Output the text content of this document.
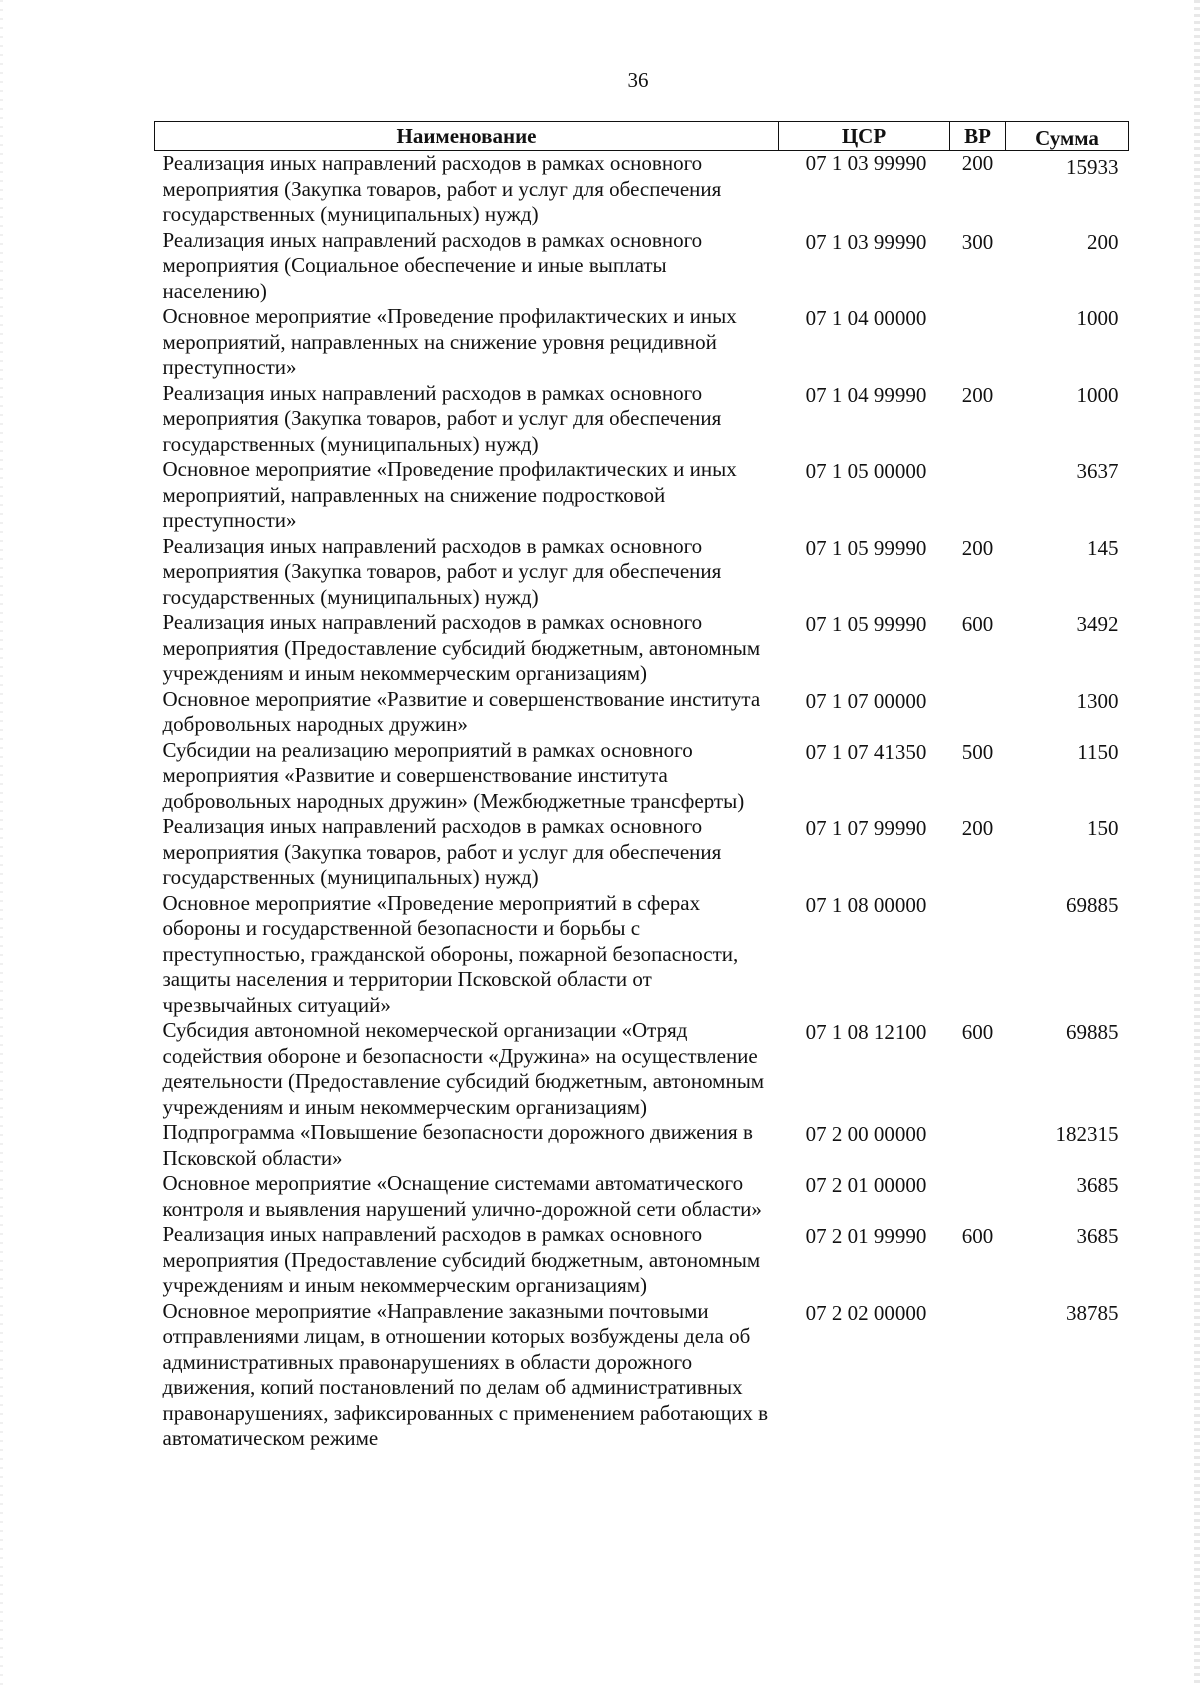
36
Наименование	ЦСР	ВР	Сумма
Реализация иных направлений расходов в рамках основного мероприятия (Закупка товаров, работ и услуг для обеспечения государственных (муниципальных) нужд)	07 1 03 99990	200	15933
Реализация иных направлений расходов в рамках основного мероприятия (Социальное обеспечение и иные выплаты населению)	07 1 03 99990	300	200
Основное мероприятие «Проведение профилактических и иных мероприятий, направленных на снижение уровня рецидивной преступности»	07 1 04 00000		1000
Реализация иных направлений расходов в рамках основного мероприятия (Закупка товаров, работ и услуг для обеспечения государственных (муниципальных) нужд)	07 1 04 99990	200	1000
Основное мероприятие «Проведение профилактических и иных мероприятий, направленных на снижение подростковой преступности»	07 1 05 00000		3637
Реализация иных направлений расходов в рамках основного мероприятия (Закупка товаров, работ и услуг для обеспечения государственных (муниципальных) нужд)	07 1 05 99990	200	145
Реализация иных направлений расходов в рамках основного мероприятия (Предоставление субсидий бюджетным, автономным учреждениям и иным некоммерческим организациям)	07 1 05 99990	600	3492
Основное мероприятие «Развитие и совершенствование института добровольных народных дружин»	07 1 07 00000		1300
Субсидии на реализацию мероприятий в рамках основного мероприятия «Развитие и совершенствование института добровольных народных дружин» (Межбюджетные трансферты)	07 1 07 41350	500	1150
Реализация иных направлений расходов в рамках основного мероприятия (Закупка товаров, работ и услуг для обеспечения государственных (муниципальных) нужд)	07 1 07 99990	200	150
Основное мероприятие «Проведение мероприятий в сферах обороны и государственной безопасности и борьбы с преступностью, гражданской обороны, пожарной безопасности, защиты населения и территории Псковской области от чрезвычайных ситуаций»	07 1 08 00000		69885
Субсидия автономной некомерческой организации «Отряд содействия обороне и безопасности «Дружина» на осуществление деятельности (Предоставление субсидий бюджетным, автономным учреждениям и иным некоммерческим организациям)	07 1 08 12100	600	69885
Подпрограмма «Повышение безопасности дорожного движения в Псковской области»	07 2 00 00000		182315
Основное мероприятие «Оснащение системами автоматического контроля и выявления нарушений улично-дорожной сети области»	07 2 01 00000		3685
Реализация иных направлений расходов в рамках основного мероприятия (Предоставление субсидий бюджетным, автономным учреждениям и иным некоммерческим организациям)	07 2 01 99990	600	3685
Основное мероприятие «Направление заказными почтовыми отправлениями лицам, в отношении которых возбуждены дела об административных правонарушениях в области дорожного движения, копий постановлений по делам об административных правонарушениях, зафиксированных с применением работающих в автоматическом режиме	07 2 02 00000		38785
